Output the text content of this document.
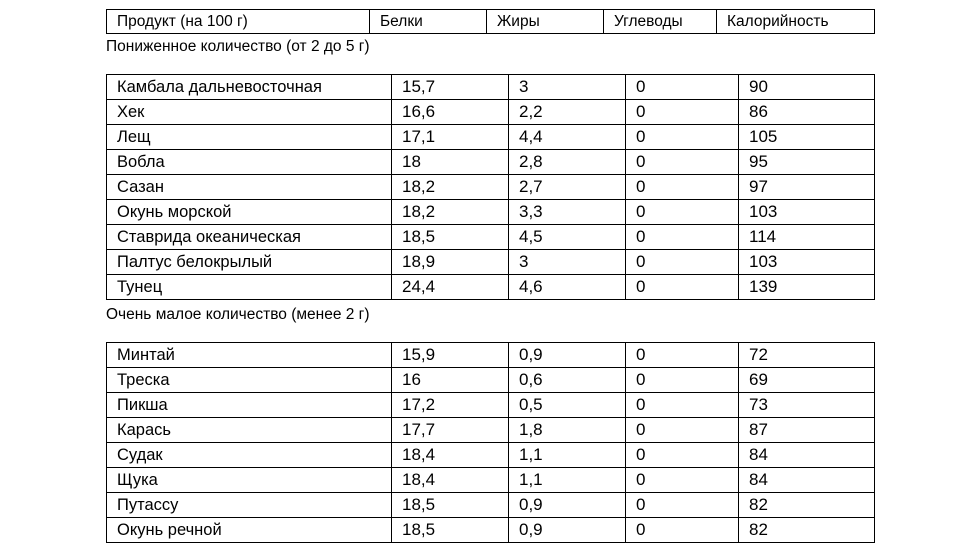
Продукт (на 100 г)	Белки	Жиры	Углеводы	Калорийность
Пониженное количество (от 2 до 5 г)
Камбала дальневосточная	15,7	3	0	90
Хек	16,6	2,2	0	86
Лещ	17,1	4,4	0	105
Вобла	18	2,8	0	95
Сазан	18,2	2,7	0	97
Окунь морской	18,2	3,3	0	103
Ставрида океаническая	18,5	4,5	0	114
Палтус белокрылый	18,9	3	0	103
Тунец	24,4	4,6	0	139
Очень малое количество (менее 2 г)
Минтай	15,9	0,9	0	72
Треска	16	0,6	0	69
Пикша	17,2	0,5	0	73
Карась	17,7	1,8	0	87
Судак	18,4	1,1	0	84
Щука	18,4	1,1	0	84
Путассу	18,5	0,9	0	82
Окунь речной	18,5	0,9	0	82
